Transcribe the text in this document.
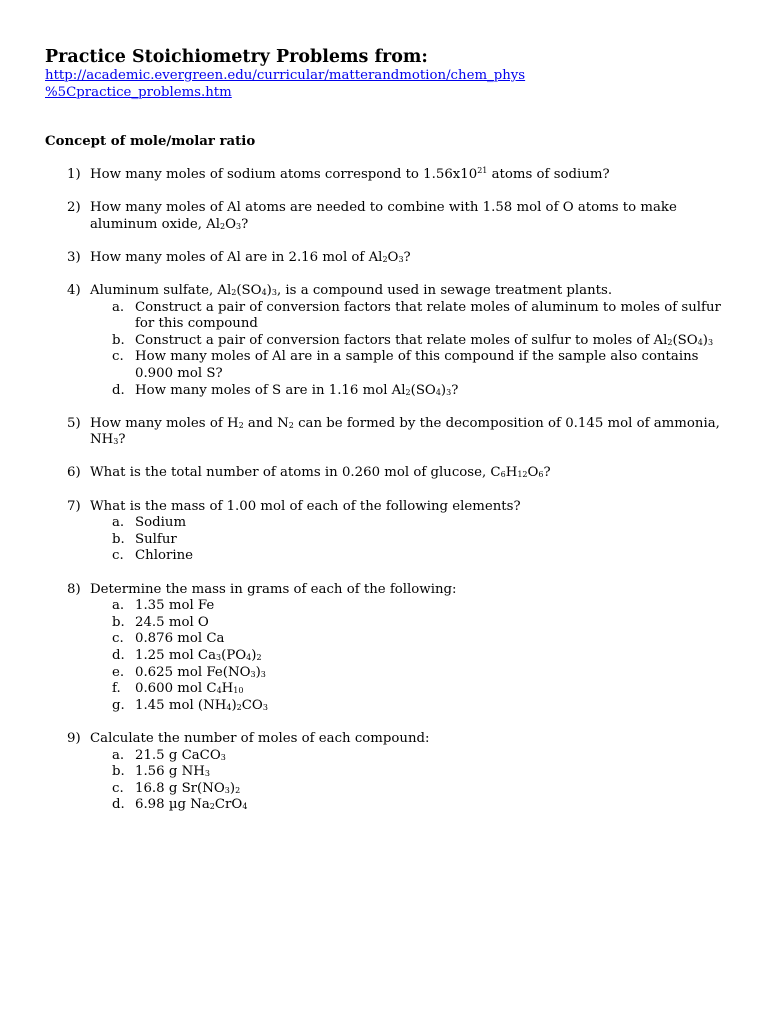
Practice Stoichiometry Problems from:
http://academic.evergreen.edu/curricular/matterandmotion/chem_phys
%5Cpractice_problems.htm
Concept of mole/molar ratio
1) How many moles of sodium atoms correspond to $1.56x10^{21}$ atoms of sodium?
2) How many moles of Al atoms are needed to combine with 1.58 mol of O atoms to make aluminum oxide, $Al_2O_3$?
3) How many moles of Al are in 2.16 mol of $Al_2O_3$?
4) Aluminum sulfate, $Al_2(SO_4)_3$, is a compound used in sewage treatment plants.
a. Construct a pair of conversion factors that relate moles of aluminum to moles of sulfur for this compound
b. Construct a pair of conversion factors that relate moles of sulfur to moles of $Al_2(SO_4)_3$
c. How many moles of Al are in a sample of this compound if the sample also contains 0.900 mol S?
d. How many moles of S are in 1.16 mol $Al_2(SO_4)_3$?
5) How many moles of $H_2$ and $N_2$ can be formed by the decomposition of 0.145 mol of ammonia, $NH_3$?
6) What is the total number of atoms in 0.260 mol of glucose, $C_6H_{12}O_6$?
7) What is the mass of 1.00 mol of each of the following elements?
a. Sodium
b. Sulfur
c. Chlorine
8) Determine the mass in grams of each of the following:
a. 1.35 mol Fe
b. 24.5 mol O
c. 0.876 mol Ca
d. 1.25 mol $Ca_3(PO_4)_2$
e. 0.625 mol $Fe(NO_3)_3$
f. 0.600 mol $C_4H_{10}$
g. 1.45 mol $(NH_4)_2CO_3$
9) Calculate the number of moles of each compound:
a. 21.5 g CaCO$_3$
b. 1.56 g $NH_3$
c. 16.8 g $Sr(NO_3)_2$
d. 6.98 µg $Na_2CrO_4$
